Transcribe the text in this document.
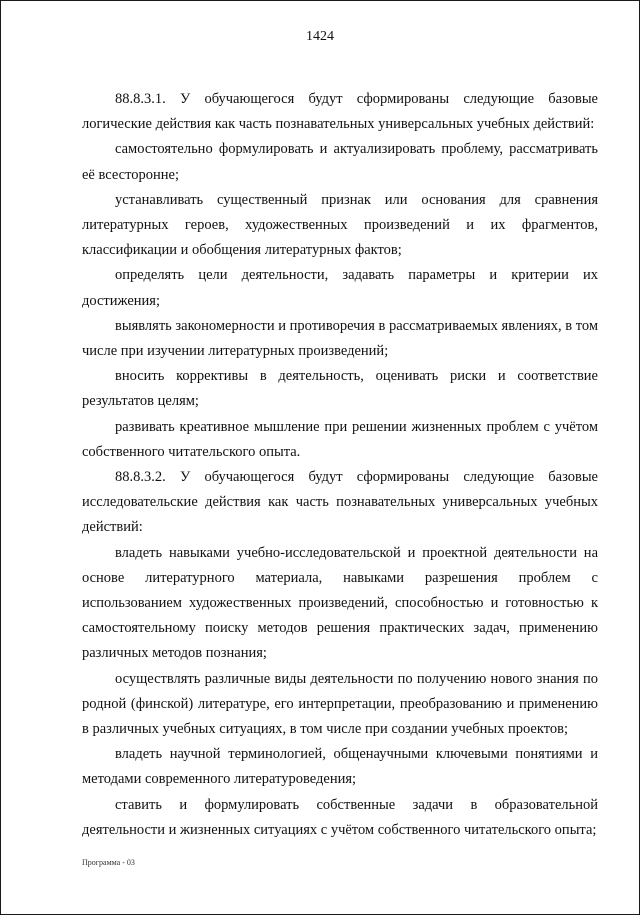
1424

88.8.3.1. У обучающегося будут сформированы следующие базовые логические действия как часть познавательных универсальных учебных действий:

самостоятельно формулировать и актуализировать проблему, рассматривать её всесторонне;

устанавливать существенный признак или основания для сравнения литературных героев, художественных произведений и их фрагментов, классификации и обобщения литературных фактов;

определять цели деятельности, задавать параметры и критерии их достижения;

выявлять закономерности и противоречия в рассматриваемых явлениях, в том числе при изучении литературных произведений;

вносить коррективы в деятельность, оценивать риски и соответствие результатов целям;

развивать креативное мышление при решении жизненных проблем с учётом собственного читательского опыта.

88.8.3.2. У обучающегося будут сформированы следующие базовые исследовательские действия как часть познавательных универсальных учебных действий:

владеть навыками учебно-исследовательской и проектной деятельности на основе литературного материала, навыками разрешения проблем с использованием художественных произведений, способностью и готовностью к самостоятельному поиску методов решения практических задач, применению различных методов познания;

осуществлять различные виды деятельности по получению нового знания по родной (финской) литературе, его интерпретации, преобразованию и применению в различных учебных ситуациях, в том числе при создании учебных проектов;

владеть научной терминологией, общенаучными ключевыми понятиями и методами современного литературоведения;

ставить и формулировать собственные задачи в образовательной деятельности и жизненных ситуациях с учётом собственного читательского опыта;

Программа - 03
